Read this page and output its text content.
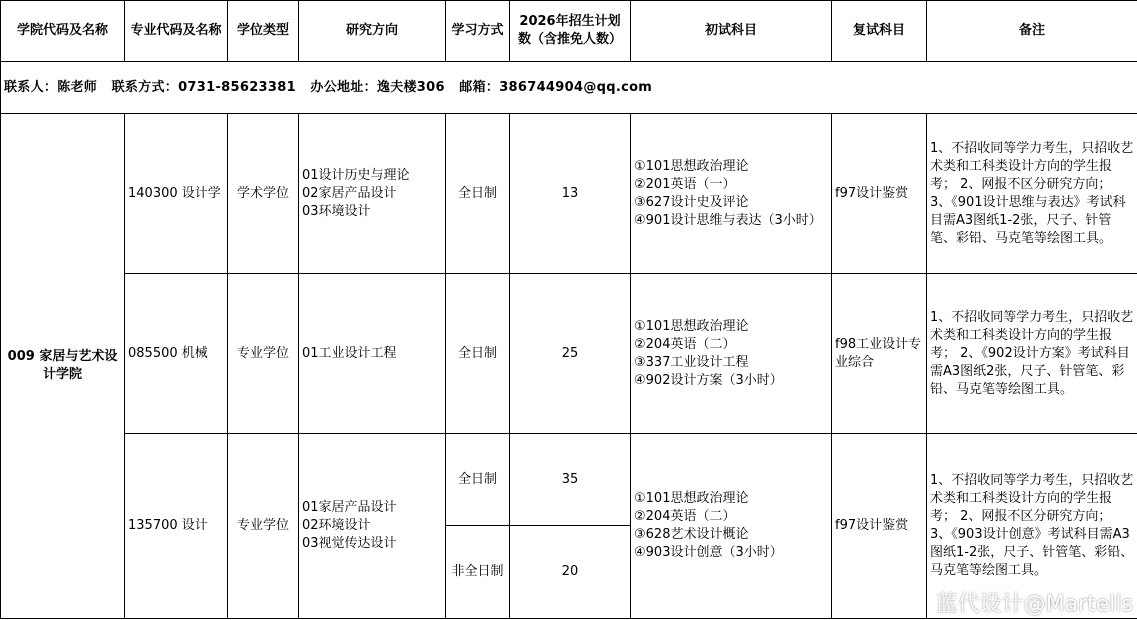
学院代码及名称	专业代码及名称	学位类型	研究方向	学习方式	2026年招生计划数（含推免人数）	初试科目	复试科目	备注
联系人：陈老师   联系方式：0731-85623381   办公地址：逸夫楼306   邮箱：386744904@qq.com								
009 家居与艺术设计学院	140300 设计学	学术学位	01设计历史与理论
02家居产品设计
03环境设计	全日制	13	①101思想政治理论
②201英语（一）
③627设计史及评论
④901设计思维与表达（3小时）	f97设计鉴赏	1、不招收同等学力考生，只招收艺术类和工科类设计方向的学生报考； 2、网报不区分研究方向； 3、《901设计思维与表达》考试科目需A3图纸1-2张，尺子、针管笔、彩铅、马克笔等绘图工具。
	085500 机械	专业学位	01工业设计工程	全日制	25	①101思想政治理论
②204英语（二）
③337工业设计工程
④902设计方案（3小时）	f98工业设计专业综合	1、不招收同等学力考生，只招收艺术类和工科类设计方向的学生报考； 2、《902设计方案》考试科目需A3图纸2张，尺子、针管笔、彩铅、马克笔等绘图工具。
	135700 设计	专业学位	01家居产品设计
02环境设计
03视觉传达设计	全日制	35	①101思想政治理论
②204英语（二）
③628艺术设计概论
④903设计创意（3小时）	f97设计鉴赏	1、不招收同等学力考生，只招收艺术类和工科类设计方向的学生报考； 2、网报不区分研究方向； 3、《903设计创意》考试科目需A3图纸1-2张，尺子、针管笔、彩铅、马克笔等绘图工具。
				非全日制	20			
蓝代设计@Martells
